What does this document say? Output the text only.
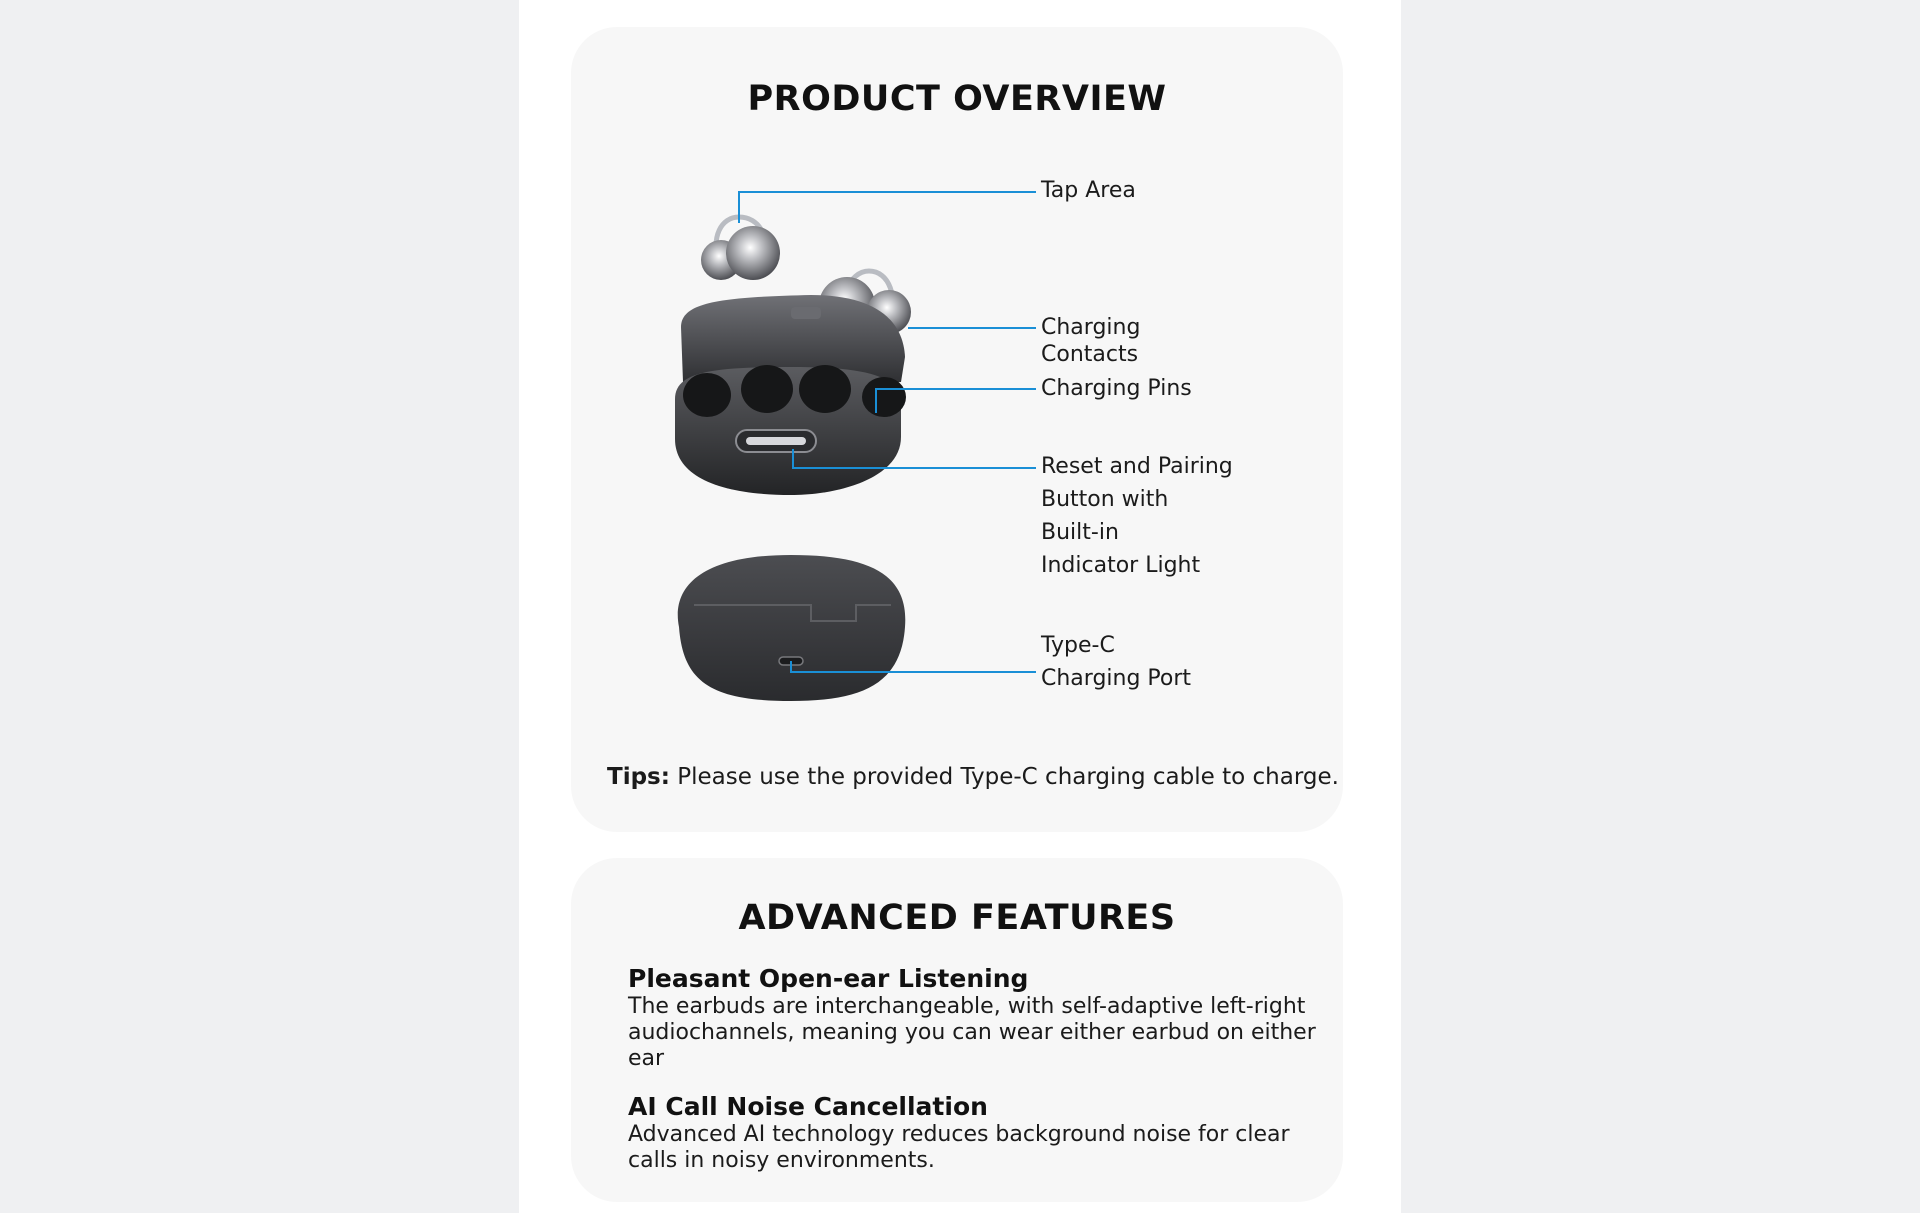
PRODUCT OVERVIEW
Tap Area
Charging
Contacts
Charging Pins
Reset and Pairing
Button with
Built-in
Indicator Light
Type-C
Charging Port
Tips: Please use the provided Type-C charging cable to charge.
ADVANCED FEATURES
Pleasant Open-ear Listening

The earbuds are interchangeable, with self-adaptive left-right
audiochannels, meaning you can wear either earbud on either
ear

AI Call Noise Cancellation

Advanced AI technology reduces background noise for clear
calls in noisy environments.
